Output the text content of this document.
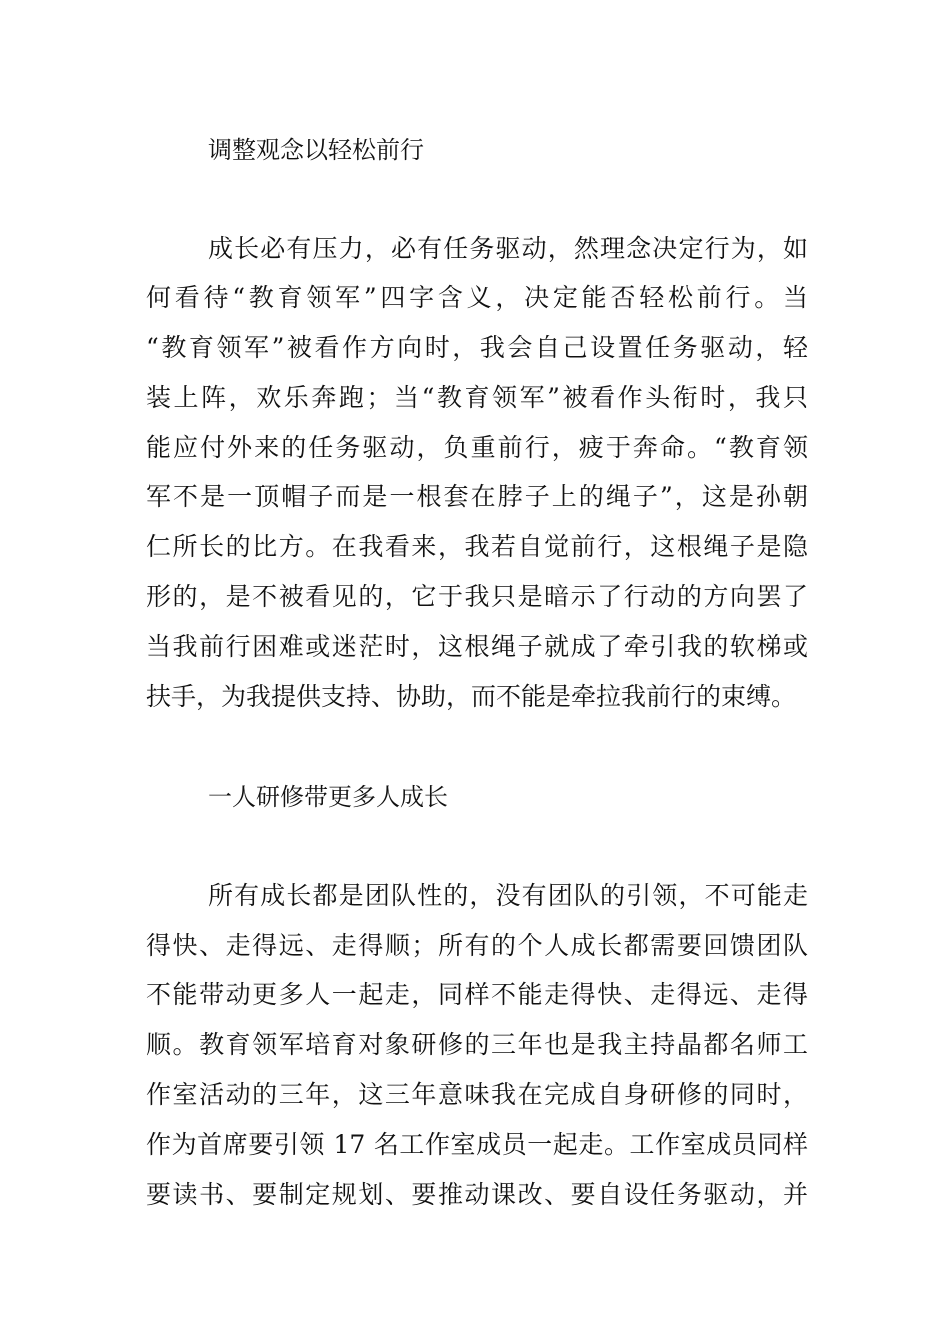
调整观念以轻松前行
成长必有压力，必有任务驱动，然理念决定行为，如
何看待“教育领军”四字含义，决定能否轻松前行。当
“教育领军”被看作方向时，我会自己设置任务驱动，轻
装上阵，欢乐奔跑；当“教育领军”被看作头衔时，我只
能应付外来的任务驱动，负重前行，疲于奔命。“教育领
军不是一顶帽子而是一根套在脖子上的绳子”，这是孙朝
仁所长的比方。在我看来，我若自觉前行，这根绳子是隐
形的，是不被看见的，它于我只是暗示了行动的方向罢了
当我前行困难或迷茫时，这根绳子就成了牵引我的软梯或
扶手，为我提供支持、协助，而不能是牵拉我前行的束缚。
一人研修带更多人成长
所有成长都是团队性的，没有团队的引领，不可能走
得快、走得远、走得顺；所有的个人成长都需要回馈团队
不能带动更多人一起走，同样不能走得快、走得远、走得
顺。教育领军培育对象研修的三年也是我主持晶都名师工
作室活动的三年，这三年意味我在完成自身研修的同时，
作为首席要引领 17 名工作室成员一起走。工作室成员同样
要读书、要制定规划、要推动课改、要自设任务驱动，并
